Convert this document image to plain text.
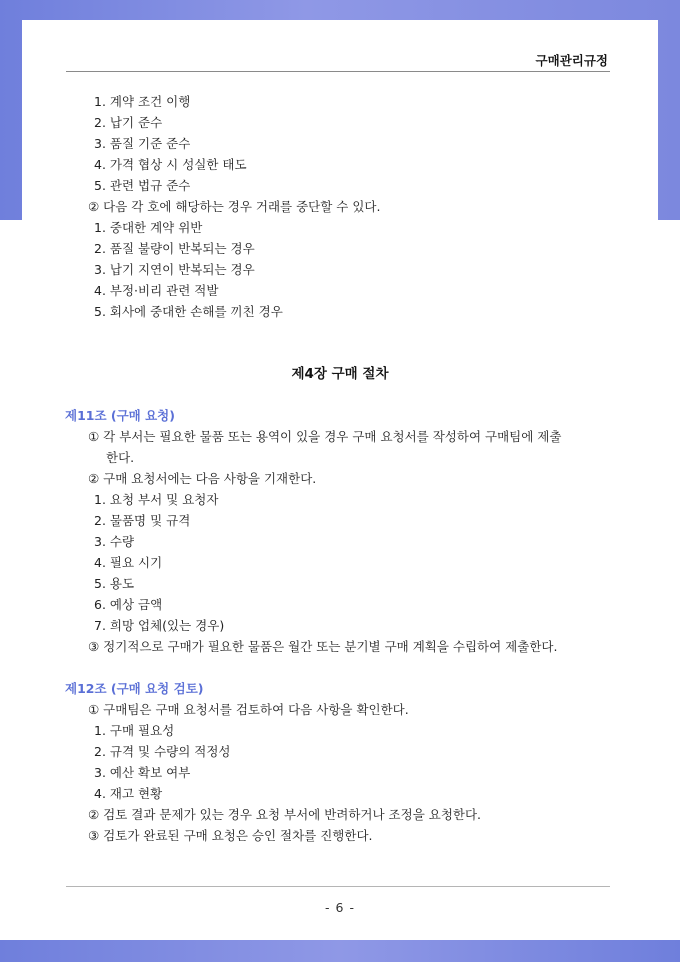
구매관리규정
1. 계약 조건 이행
2. 납기 준수
3. 품질 기준 준수
4. 가격 협상 시 성실한 태도
5. 관련 법규 준수
② 다음 각 호에 해당하는 경우 거래를 중단할 수 있다.
1. 중대한 계약 위반
2. 품질 불량이 반복되는 경우
3. 납기 지연이 반복되는 경우
4. 부정·비리 관련 적발
5. 회사에 중대한 손해를 끼친 경우
제4장 구매 절차
제11조 (구매 요청)
① 각 부서는 필요한 물품 또는 용역이 있을 경우 구매 요청서를 작성하여 구매팀에 제출
한다.
② 구매 요청서에는 다음 사항을 기재한다.
1. 요청 부서 및 요청자
2. 물품명 및 규격
3. 수량
4. 필요 시기
5. 용도
6. 예상 금액
7. 희망 업체(있는 경우)
③ 정기적으로 구매가 필요한 물품은 월간 또는 분기별 구매 계획을 수립하여 제출한다.
제12조 (구매 요청 검토)
① 구매팀은 구매 요청서를 검토하여 다음 사항을 확인한다.
1. 구매 필요성
2. 규격 및 수량의 적정성
3. 예산 확보 여부
4. 재고 현황
② 검토 결과 문제가 있는 경우 요청 부서에 반려하거나 조정을 요청한다.
③ 검토가 완료된 구매 요청은 승인 절차를 진행한다.
- 6 -
